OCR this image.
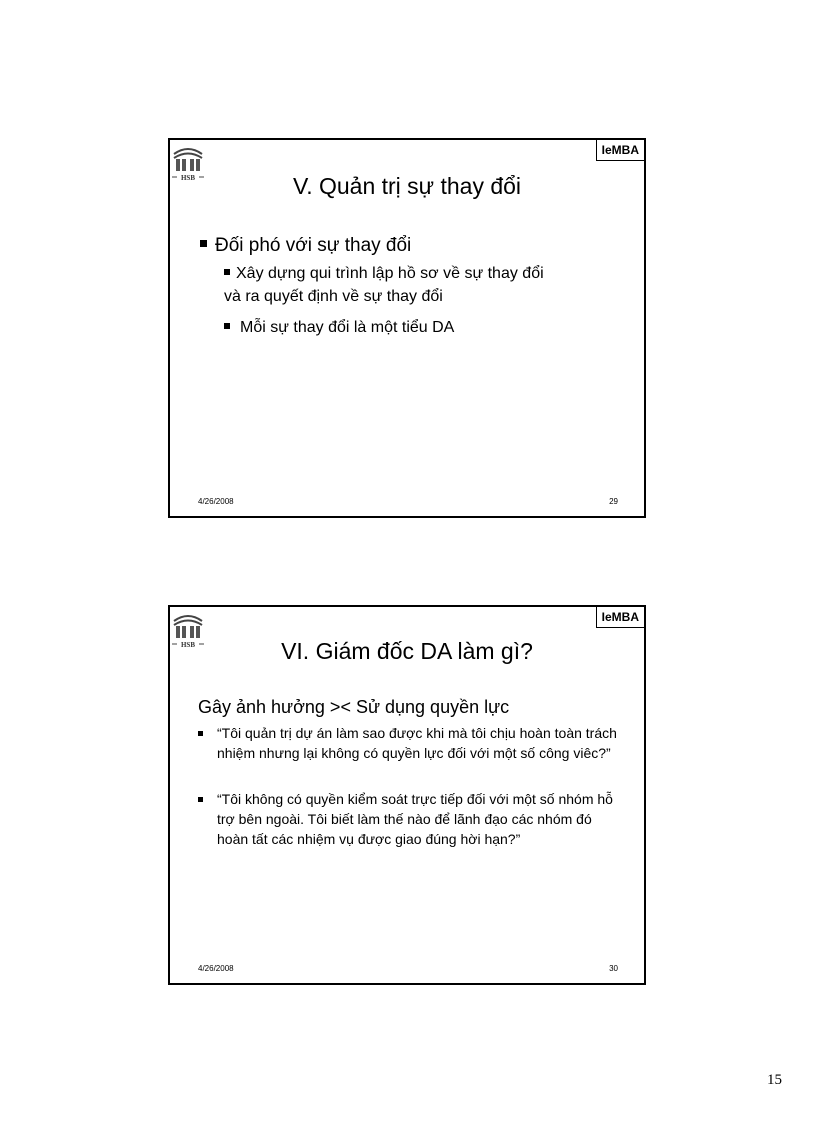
HSB
IeMBA
V. Quản trị sự thay đổi
Đối phó với sự thay đổi
Xây dựng qui trình lập hồ sơ về sự thay đổi
và ra quyết định về sự thay đổi
Mỗi sự thay đổi là một tiểu DA
4/26/2008	29
HSB
IeMBA
VI. Giám đốc DA làm gì?
Gây ảnh hưởng >< Sử dụng quyền lực
“Tôi quản trị dự án làm sao được khi mà tôi chịu hoàn toàn trách nhiệm nhưng lại không có quyền lực đối với một số công viêc?”
“Tôi không có quyền kiểm soát trực tiếp đối với một số nhóm hỗ trợ bên ngoài. Tôi biết làm thế nào để lãnh đạo các nhóm đó hoàn tất các nhiệm vụ được giao đúng hời hạn?”
4/26/2008	30
15
